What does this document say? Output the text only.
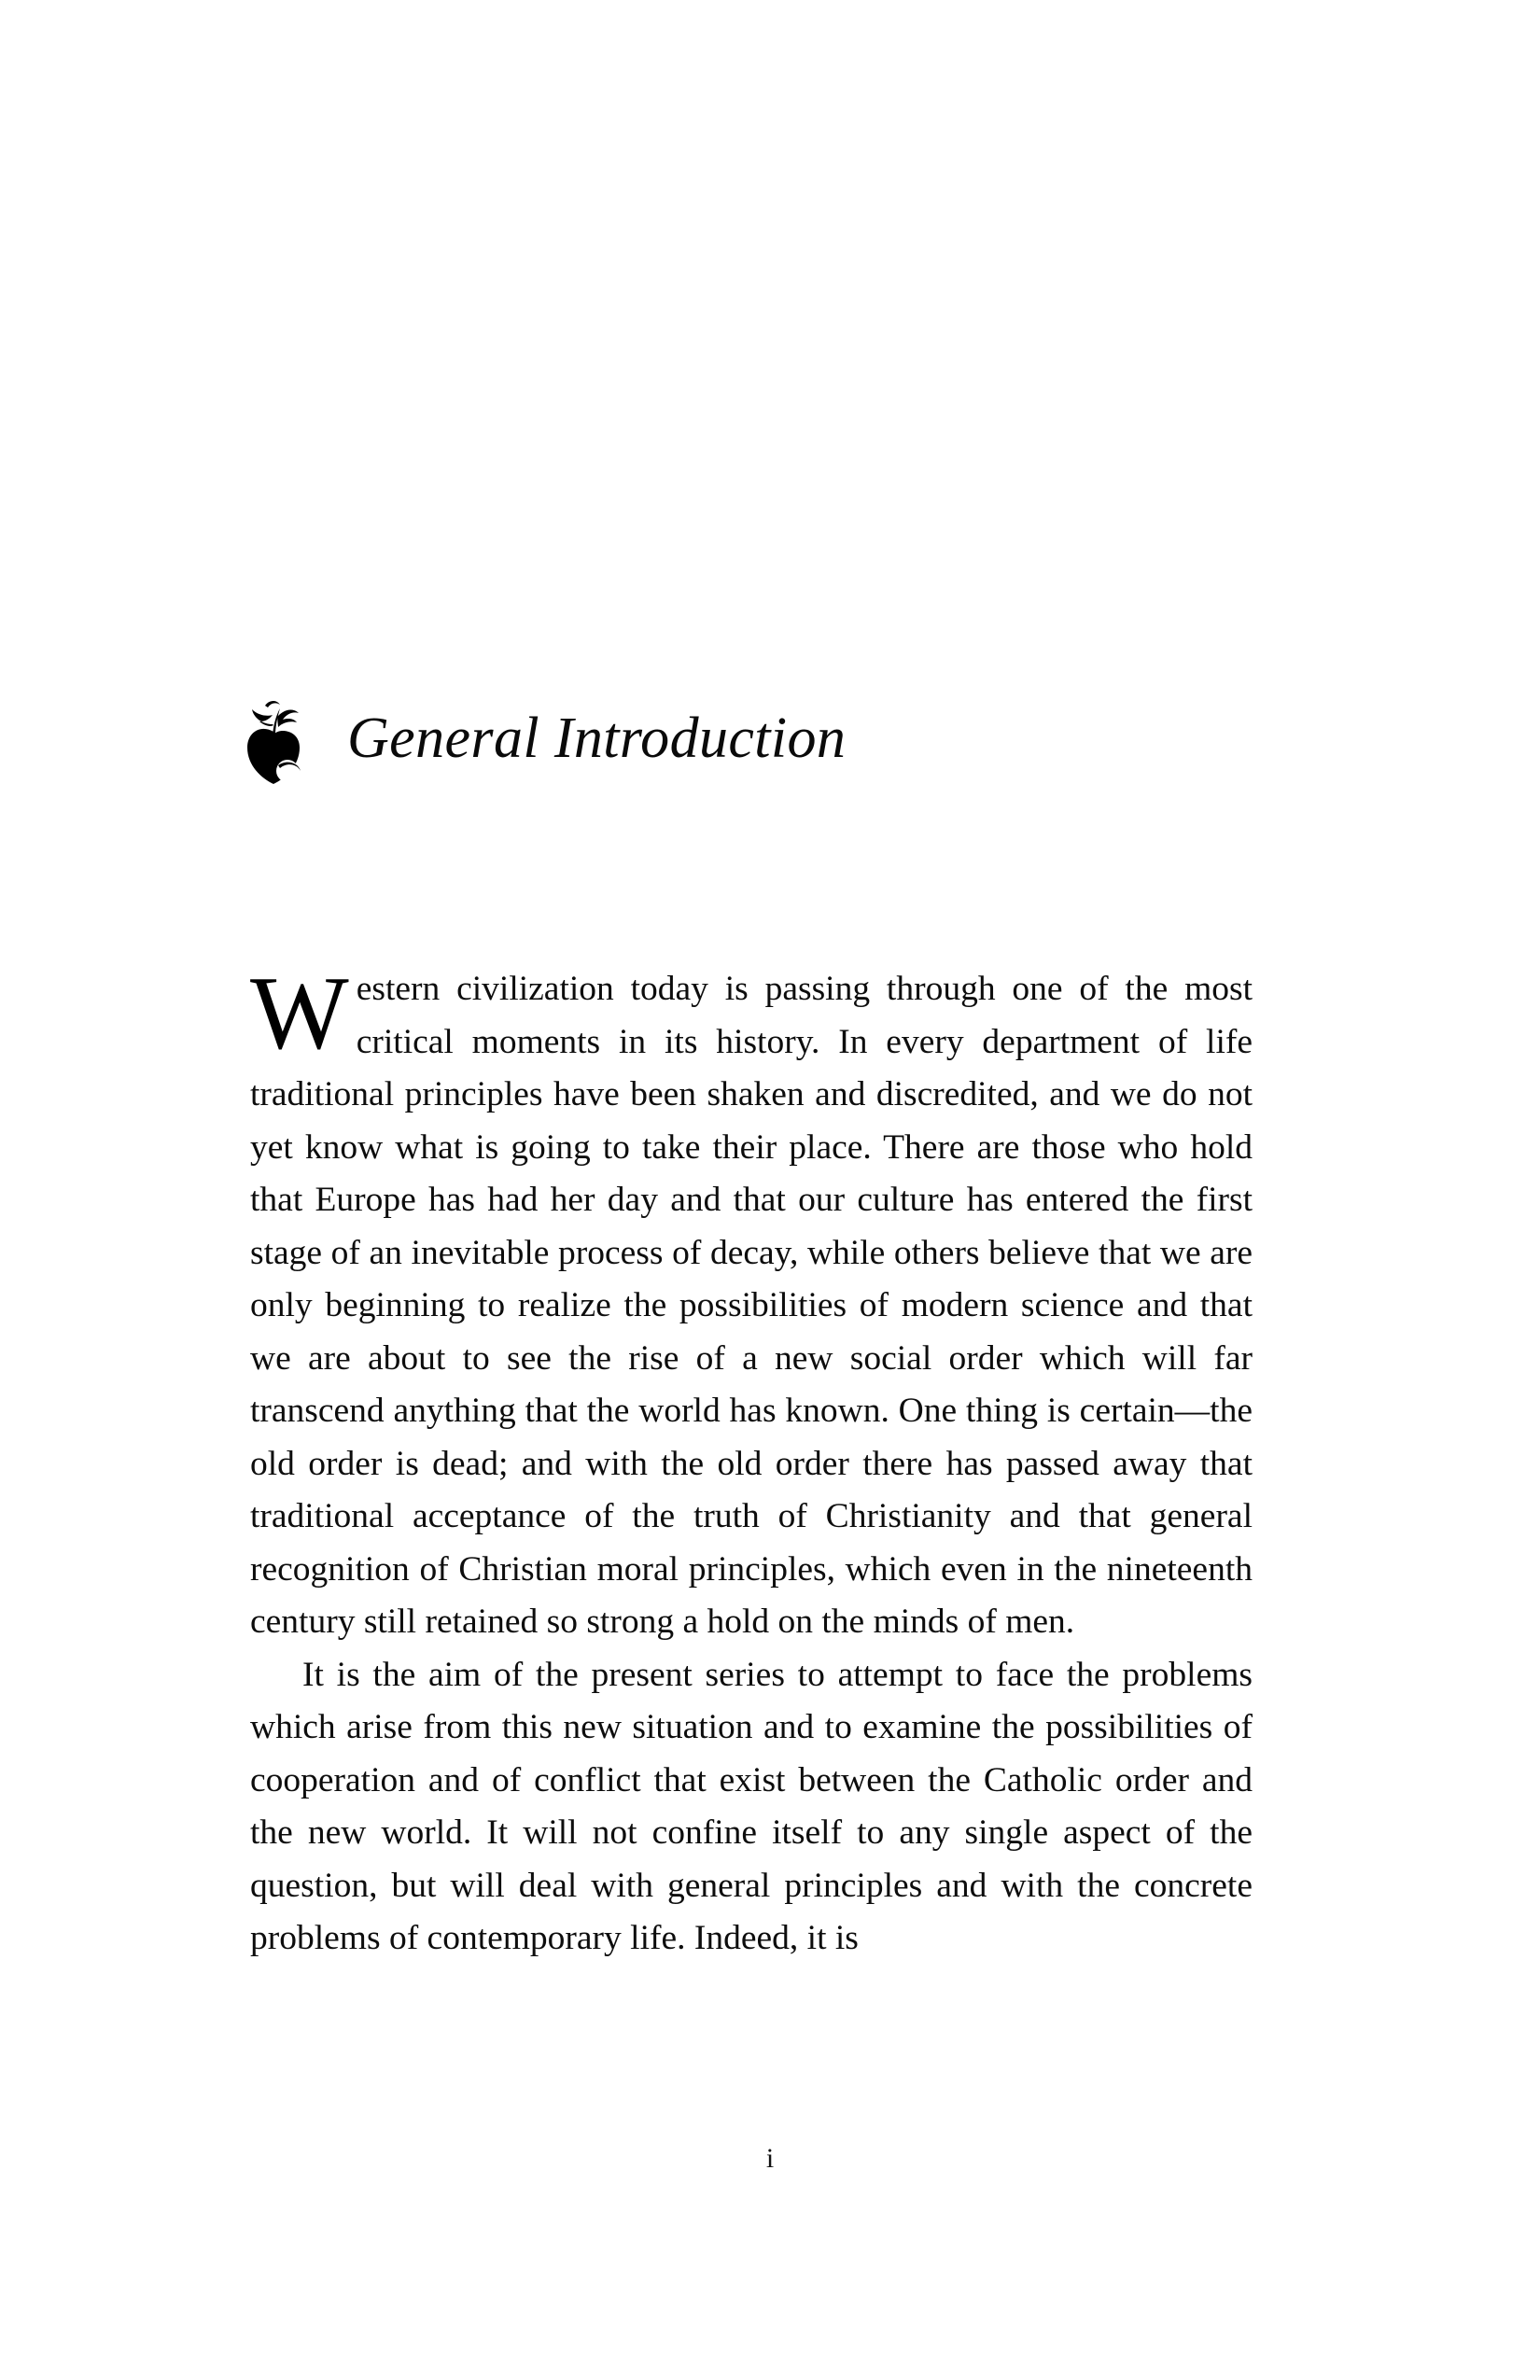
General Introduction

Western civilization today is passing through one of the most critical moments in its history. In every department of life traditional principles have been shaken and discredited, and we do not yet know what is going to take their place. There are those who hold that Europe has had her day and that our culture has entered the first stage of an inevitable process of decay, while others believe that we are only beginning to realize the possibilities of modern science and that we are about to see the rise of a new social order which will far transcend anything that the world has known. One thing is certain—the old order is dead; and with the old order there has passed away that traditional acceptance of the truth of Christianity and that general recognition of Christian moral principles, which even in the nineteenth century still retained so strong a hold on the minds of men.

It is the aim of the present series to attempt to face the problems which arise from this new situation and to examine the possibilities of cooperation and of conflict that exist between the Catholic order and the new world. It will not confine itself to any single aspect of the question, but will deal with general principles and with the concrete problems of contemporary life. Indeed, it is

i
